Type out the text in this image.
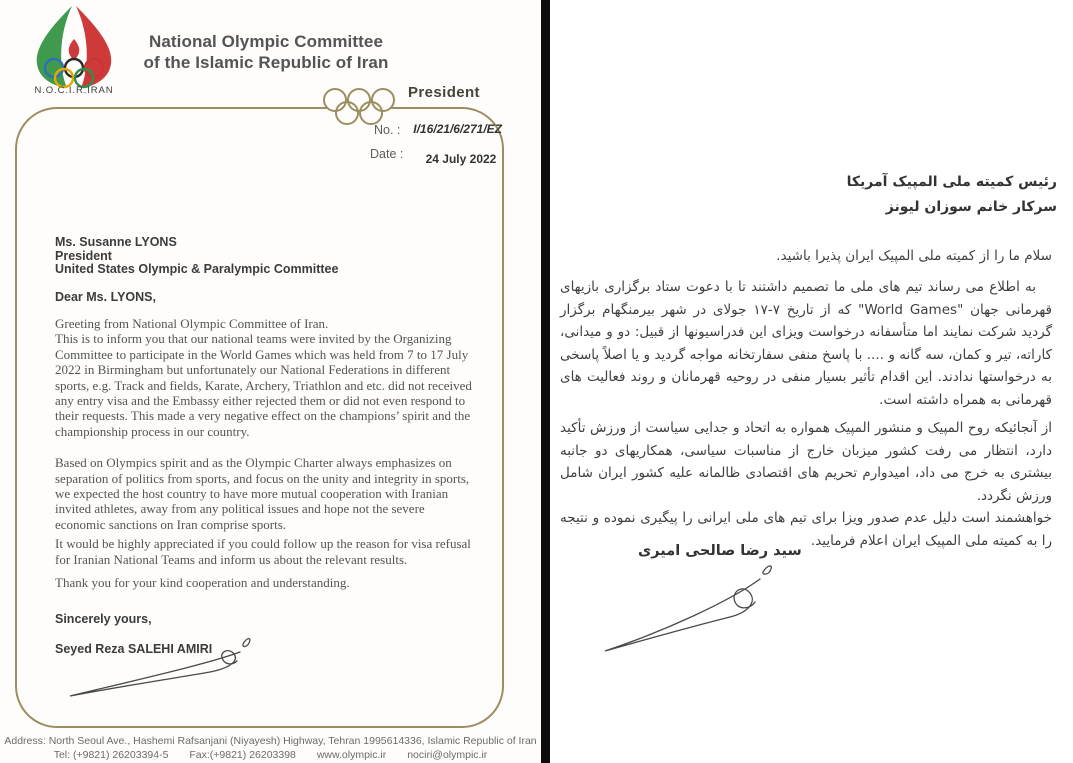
N.O.C.I.R.IRAN
National Olympic Committee
of the Islamic Republic of Iran
President
No. : I/16/21/6/271/EZ
Date :	24 July 2022
Ms. Susanne LYONS
President
United States Olympic & Paralympic Committee
Dear Ms. LYONS,

Greeting from National Olympic Committee of Iran.

This is to inform you that our national teams were invited by the Organizing Committee to participate in the World Games which was held from 7 to 17 July 2022 in Birmingham but unfortunately our National Federations in different sports, e.g. Track and fields, Karate, Archery, Triathlon and etc. did not received any entry visa and the Embassy either rejected them or did not even respond to their requests. This made a very negative effect on the champions’ spirit and the championship process in our country.

Based on Olympics spirit and as the Olympic Charter always emphasizes on separation of politics from sports, and focus on the unity and integrity in sports, we expected the host country to have more mutual cooperation with Iranian invited athletes, away from any political issues and hope not the severe economic sanctions on Iran comprise sports.

It would be highly appreciated if you could follow up the reason for visa refusal for Iranian National Teams and inform us about the relevant results.

Thank you for your kind cooperation and understanding.

Sincerely yours,
Seyed Reza SALEHI AMIRI
Address: North Seoul Ave., Hashemi Rafsanjani (Niyayesh) Highway, Tehran 1995614336, Islamic Republic of Iran
Tel: (+9821) 26203394-5 Fax:(+9821) 26203398 www.olympic.ir nociri@olympic.ir
رئیس کمیته ملی المپیک آمریکا
سرکار خانم سوزان لیونز
سلام ما را از کمیته ملی المپیک ایران پذیرا باشید.

به اطلاع می رساند تیم های ملی ما تصمیم داشتند تا با دعوت ستاد برگزاری بازیهای قهرمانی جهان "World Games" که از تاریخ ۷-۱۷ جولای در شهر بیرمنگهام برگزار گردید شرکت نمایند اما متأسفانه درخواست ویزای این فدراسیونها از قبیل: دو و میدانی، کاراته، تیر و کمان، سه گانه و .... با پاسخ منفی سفارتخانه مواجه گردید و یا اصلاً پاسخی به درخواستها ندادند. این اقدام تأثیر بسیار منفی در روحیه قهرمانان و روند فعالیت های قهرمانی به همراه داشته است.

از آنجائیکه روح المپیک و منشور المپیک همواره به اتحاد و جدایی سیاست از ورزش تأکید دارد، انتظار می رفت کشور میزبان خارج از مناسبات سیاسی، همکاریهای دو جانبه بیشتری به خرج می داد، امیدوارم تحریم های اقتصادی ظالمانه علیه کشور ایران شامل ورزش نگردد.

خواهشمند است دلیل عدم صدور ویزا برای تیم های ملی ایرانی را پیگیری نموده و نتیجه را به کمیته ملی المپیک ایران اعلام فرمایید.

سید رضا صالحی امیری
